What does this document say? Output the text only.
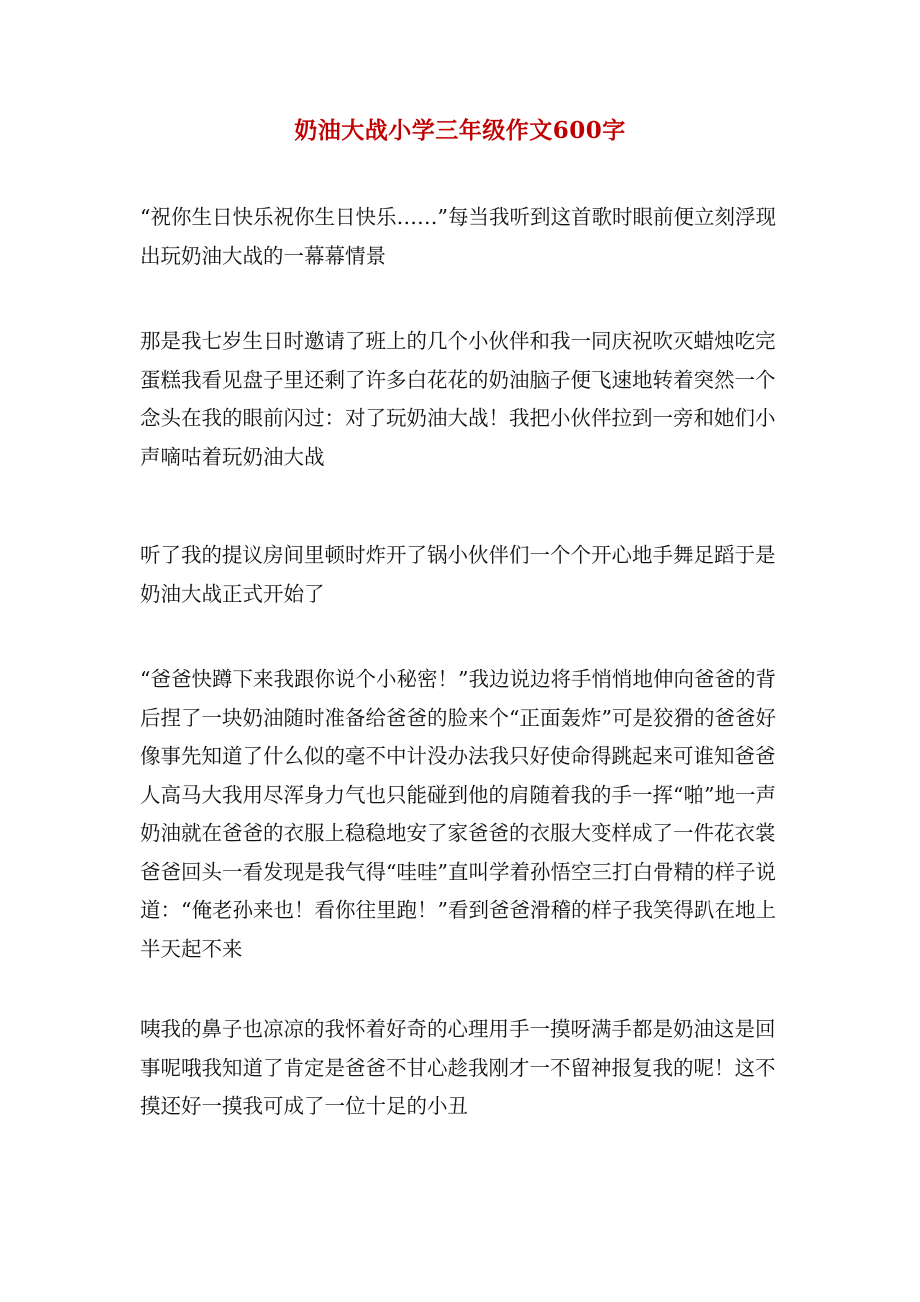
奶油大战小学三年级作文600字

“祝你生日快乐祝你生日快乐……”每当我听到这首歌时眼前便立刻浮现出玩奶油大战的一幕幕情景

那是我七岁生日时邀请了班上的几个小伙伴和我一同庆祝吹灭蜡烛吃完蛋糕我看见盘子里还剩了许多白花花的奶油脑子便飞速地转着突然一个念头在我的眼前闪过：对了玩奶油大战！我把小伙伴拉到一旁和她们小声嘀咕着玩奶油大战

听了我的提议房间里顿时炸开了锅小伙伴们一个个开心地手舞足蹈于是奶油大战正式开始了

“爸爸快蹲下来我跟你说个小秘密！”我边说边将手悄悄地伸向爸爸的背后捏了一块奶油随时准备给爸爸的脸来个“正面轰炸”可是狡猾的爸爸好像事先知道了什么似的毫不中计没办法我只好使命得跳起来可谁知爸爸人高马大我用尽浑身力气也只能碰到他的肩随着我的手一挥“啪”地一声奶油就在爸爸的衣服上稳稳地安了家爸爸的衣服大变样成了一件花衣裳爸爸回头一看发现是我气得“哇哇”直叫学着孙悟空三打白骨精的样子说道：“俺老孙来也！看你往里跑！”看到爸爸滑稽的样子我笑得趴在地上半天起不来

咦我的鼻子也凉凉的我怀着好奇的心理用手一摸呀满手都是奶油这是回事呢哦我知道了肯定是爸爸不甘心趁我刚才一不留神报复我的呢！这不摸还好一摸我可成了一位十足的小丑
